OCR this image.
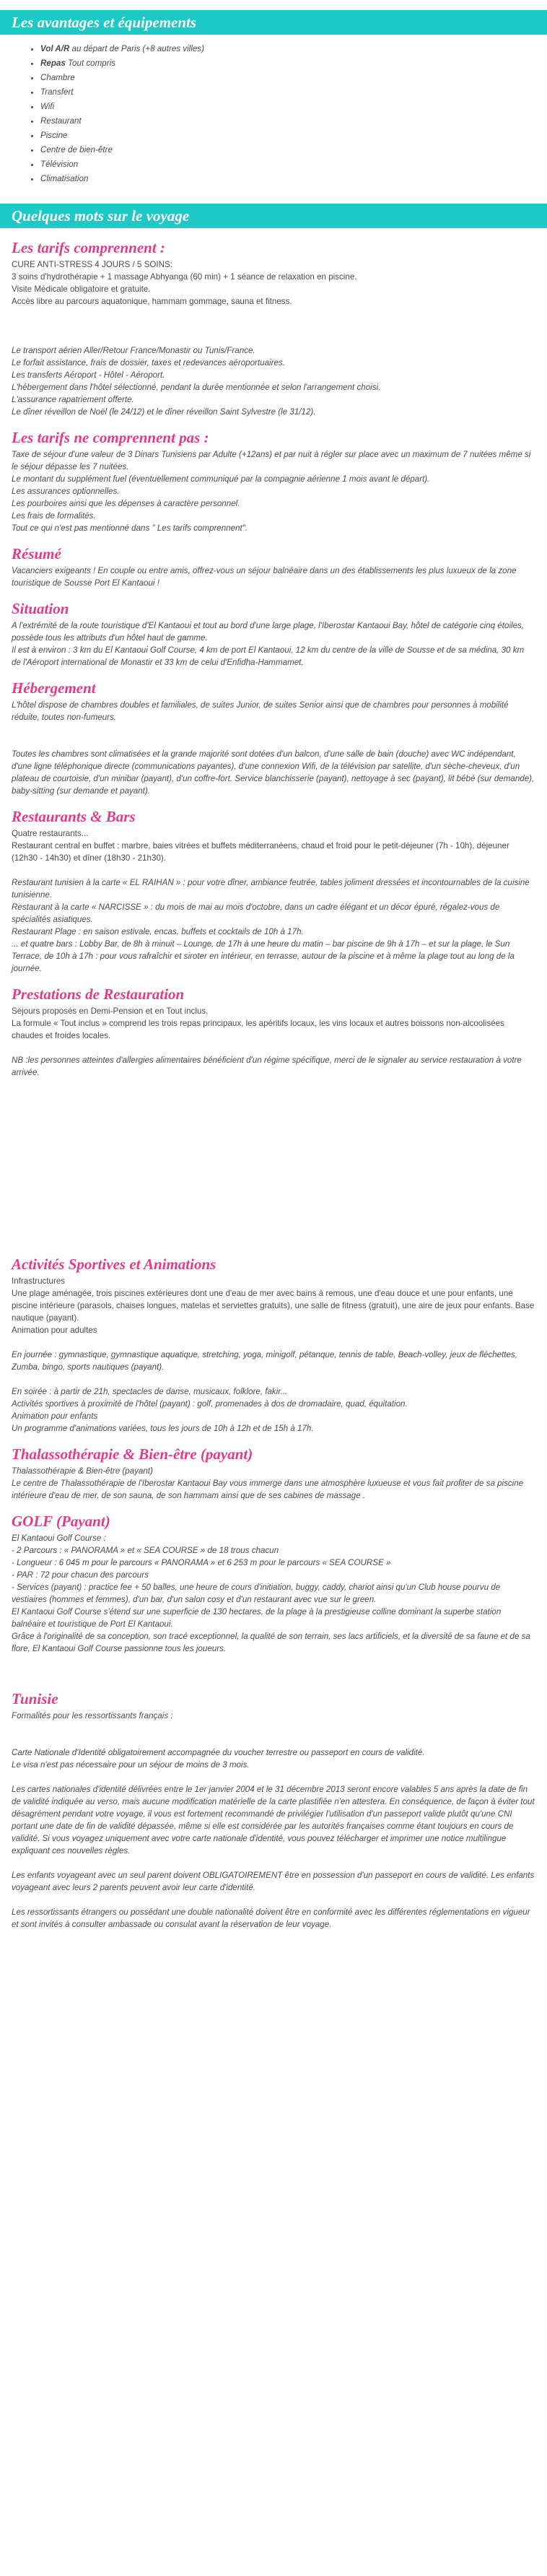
Les avantages et équipements
• Vol A/R au départ de Paris (+8 autres villes)
• Repas Tout compris
• Chambre
• Transfert
• Wifi
• Restaurant
• Piscine
• Centre de bien-être
• Télévision
• Climatisation
Quelques mots sur le voyage
Les tarifs comprennent :
CURE ANTI-STRESS 4 JOURS / 5 SOINS:
3 soins d'hydrothérapie + 1 massage Abhyanga (60 min) + 1 séance de relaxation en piscine.
Visite Médicale obligatoire et gratuite.
Accès libre au parcours aquatonique, hammam gommage, sauna et fitness.
Le transport aérien Aller/Retour France/Monastir ou Tunis/France.
Le forfait assistance, frais de dossier, taxes et redevances aéroportuaires.
Les transferts Aéroport - Hôtel - Aéroport.
L'hébergement dans l'hôtel sélectionné, pendant la durée mentionnée et selon l'arrangement choisi.
L'assurance rapatriement offerte.
Le dîner réveillon de Noël (le 24/12) et le dîner réveillon Saint Sylvestre (le 31/12).
Les tarifs ne comprennent pas :
Taxe de séjour d'une valeur de 3 Dinars Tunisiens par Adulte (+12ans) et par nuit à régler sur place avec un maximum de 7 nuitées même si le séjour dépasse les 7 nuitées.
Le montant du supplément fuel (éventuellement communiqué par la compagnie aérienne 1 mois avant le départ).
Les assurances optionnelles.
Les pourboires ainsi que les dépenses à caractère personnel.
Les frais de formalités.
Tout ce qui n'est pas mentionné dans " Les tarifs comprennent".
Résumé
Vacanciers exigeants ! En couple ou entre amis, offrez-vous un séjour balnéaire dans un des établissements les plus luxueux de la zone touristique de Sousse Port El Kantaoui !
Situation
A l'extrémité de la route touristique d'El Kantaoui et tout au bord d'une large plage, l'Iberostar Kantaoui Bay, hôtel de catégorie cinq étoiles, possède tous les attributs d'un hôtel haut de gamme.
Il est à environ : 3 km du El Kantaoui Golf Course, 4 km de port El Kantaoui, 12 km du centre de la ville de Sousse et de sa médina, 30 km de l'Aéroport international de Monastir et 33 km de celui d'Enfidha-Hammamet.
Hébergement
L'hôtel dispose de chambres doubles et familiales, de suites Junior, de suites Senior ainsi que de chambres pour personnes à mobilité réduite, toutes non-fumeurs.
Toutes les chambres sont climatisées et la grande majorité sont dotées d'un balcon, d'une salle de bain (douche) avec WC indépendant, d'une ligne téléphonique directe (communications payantes), d'une connexion Wifi, de la télévision par satellite, d'un sèche-cheveux, d'un plateau de courtoisie, d'un minibar (payant), d'un coffre-fort. Service blanchisserie (payant), nettoyage à sec (payant), lit bébé (sur demande), baby-sitting (sur demande et payant).
Restaurants & Bars
Quatre restaurants...
Restaurant central en buffet : marbre, baies vitrées et buffets méditerranéens, chaud et froid pour le petit-déjeuner (7h - 10h), déjeuner (12h30 - 14h30) et dîner (18h30 - 21h30).
Restaurant tunisien à la carte « EL RAIHAN » : pour votre dîner, ambiance feutrée, tables joliment dressées et incontournables de la cuisine tunisienne.
Restaurant à la carte « NARCISSE » : du mois de mai au mois d'octobre, dans un cadre élégant et un décor épuré, régalez-vous de spécialités asiatiques.
Restaurant Plage : en saison estivale, encas, buffets et cocktails de 10h à 17h.
... et quatre bars : Lobby Bar, de 8h à minuit – Lounge, de 17h à une heure du matin – bar piscine de 9h à 17h – et sur la plage, le Sun Terrace, de 10h à 17h : pour vous rafraîchir et siroter en intérieur, en terrasse, autour de la piscine et à même la plage tout au long de la journée.
Prestations de Restauration
Séjours proposés en Demi-Pension et en Tout inclus.
La formule « Tout inclus » comprend les trois repas principaux, les apéritifs locaux, les vins locaux et autres boissons non-alcoolisées chaudes et froides locales.
NB :les personnes atteintes d'allergies alimentaires bénéficient d'un régime spécifique, merci de le signaler au service restauration à votre arrivée.
Activités Sportives et Animations
Infrastructures
Une plage aménagée, trois piscines extérieures dont une d'eau de mer avec bains à remous, une d'eau douce et une pour enfants, une piscine intérieure (parasols, chaises longues, matelas et serviettes gratuits), une salle de fitness (gratuit), une aire de jeux pour enfants. Base nautique (payant).
Animation pour adultes
En journée : gymnastique, gymnastique aquatique, stretching, yoga, minigolf, pétanque, tennis de table, Beach-volley, jeux de fléchettes, Zumba, bingo, sports nautiques (payant).
En soirée : à partir de 21h, spectacles de danse, musicaux, folklore, fakir...
Activités sportives à proximité de l'hôtel (payant) : golf, promenades à dos de dromadaire, quad, équitation.
Animation pour enfants
Un programme d'animations variées, tous les jours de 10h à 12h et de 15h à 17h.
Thalassothérapie & Bien-être (payant)
Thalassothérapie & Bien-être (payant)
Le centre de Thalassothérapie de l'Iberostar Kantaoui Bay vous immerge dans une atmosphère luxueuse et vous fait profiter de sa piscine intérieure d'eau de mer, de son sauna, de son hammam ainsi que de ses cabines de massage .
GOLF (Payant)
El Kantaoui Golf Course :
- 2 Parcours : « PANORAMA » et « SEA COURSE » de 18 trous chacun
- Longueur : 6 045 m pour le parcours « PANORAMA » et 6 253 m pour le parcours « SEA COURSE »
- PAR : 72 pour chacun des parcours
- Services (payant) : practice fee + 50 balles, une heure de cours d'initiation, buggy, caddy, chariot ainsi qu'un Club house pourvu de vestiaires (hommes et femmes), d'un bar, d'un salon cosy et d'un restaurant avec vue sur le green.
El Kantaoui Golf Course s'étend sur une superficie de 130 hectares, de la plage à la prestigieuse colline dominant la superbe station balnéaire et touristique de Port El Kantaoui.
Grâce à l'originalité de sa conception, son tracé exceptionnel, la qualité de son terrain, ses lacs artificiels, et la diversité de sa faune et de sa flore, El Kantaoui Golf Course passionne tous les joueurs.
Tunisie
Formalités pour les ressortissants français :
Carte Nationale d'Identité obligatoirement accompagnée du voucher terrestre ou passeport en cours de validité.
Le visa n'est pas nécessaire pour un séjour de moins de 3 mois.
Les cartes nationales d'identité délivrées entre le 1er janvier 2004 et le 31 décembre 2013 seront encore valables 5 ans après la date de fin de validité indiquée au verso, mais aucune modification matérielle de la carte plastifiée n'en attestera. En conséquence, de façon à éviter tout désagrément pendant votre voyage, il vous est fortement recommandé de privilégier l'utilisation d'un passeport valide plutôt qu'une CNI portant une date de fin de validité dépassée, même si elle est considérée par les autorités françaises comme étant toujours en cours de validité. Si vous voyagez uniquement avec votre carte nationale d'identité, vous pouvez télécharger et imprimer une notice multilingue expliquant ces nouvelles règles.
Les enfants voyageant avec un seul parent doivent OBLIGATOIREMENT être en possession d'un passeport en cours de validité. Les enfants voyageant avec leurs 2 parents peuvent avoir leur carte d'identité.
Les ressortissants étrangers ou possédant une double nationalité doivent être en conformité avec les différentes réglementations en vigueur et sont invités à consulter ambassade ou consulat avant la réservation de leur voyage.
